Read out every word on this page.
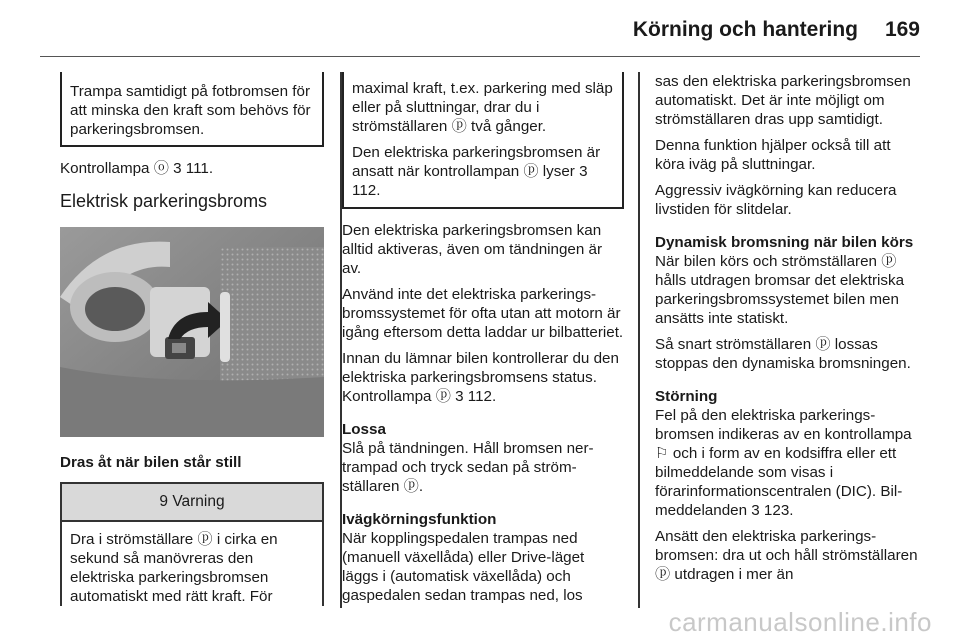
Körning och hantering 169
Trampa samtidigt på fotbromsen för att minska den kraft som behövs för parkeringsbromsen.
Kontrollampa ⓞ 3 111.
Elektrisk parkeringsbroms
Dras åt när bilen står still
9 Varning
Dra i strömställare ⓟ i cirka en sekund så manövreras den elektriska parkeringsbromsen automatiskt med rätt kraft. För
maximal kraft, t.ex. parkering med släp eller på sluttningar, drar du i strömställaren ⓟ två gånger.
Den elektriska parkeringsbromsen är ansatt när kontrollampan ⓟ lyser 3 112.
Den elektriska parkeringsbromsen kan alltid aktiveras, även om tändningen är av.
Använd inte det elektriska parkeringsbromssystemet för ofta utan att motorn är igång eftersom detta laddar ur bilbatteriet.
Innan du lämnar bilen kontrollerar du den elektriska parkeringsbromsens status. Kontrollampa ⓟ 3 112.
Lossa
Slå på tändningen. Håll bromsen nertrampad och tryck sedan på strömställaren ⓟ.
Ivägkörningsfunktion
När kopplingspedalen trampas ned (manuell växellåda) eller Drive-läget läggs i (automatisk växellåda) och gaspedalen sedan trampas ned, los
sas den elektriska parkeringsbromsen automatiskt. Det är inte möjligt om strömställaren dras upp samtidigt.
Denna funktion hjälper också till att köra iväg på sluttningar.
Aggressiv ivägkörning kan reducera livstiden för slitdelar.
Dynamisk bromsning när bilen körs
När bilen körs och strömställaren ⓟ hålls utdragen bromsar det elektriska parkeringsbromssystemet bilen men ansätts inte statiskt.
Så snart strömställaren ⓟ lossas stoppas den dynamiska bromsningen.
Störning
Fel på den elektriska parkeringsbromsen indikeras av en kontrollampa ⚐ och i form av en kodsiffra eller ett bilmeddelande som visas i förarinformationscentralen (DIC). Bilmeddelanden 3 123.
Ansätt den elektriska parkeringsbromsen: dra ut och håll strömställaren ⓟ utdragen i mer än
carmanualsonline.info
